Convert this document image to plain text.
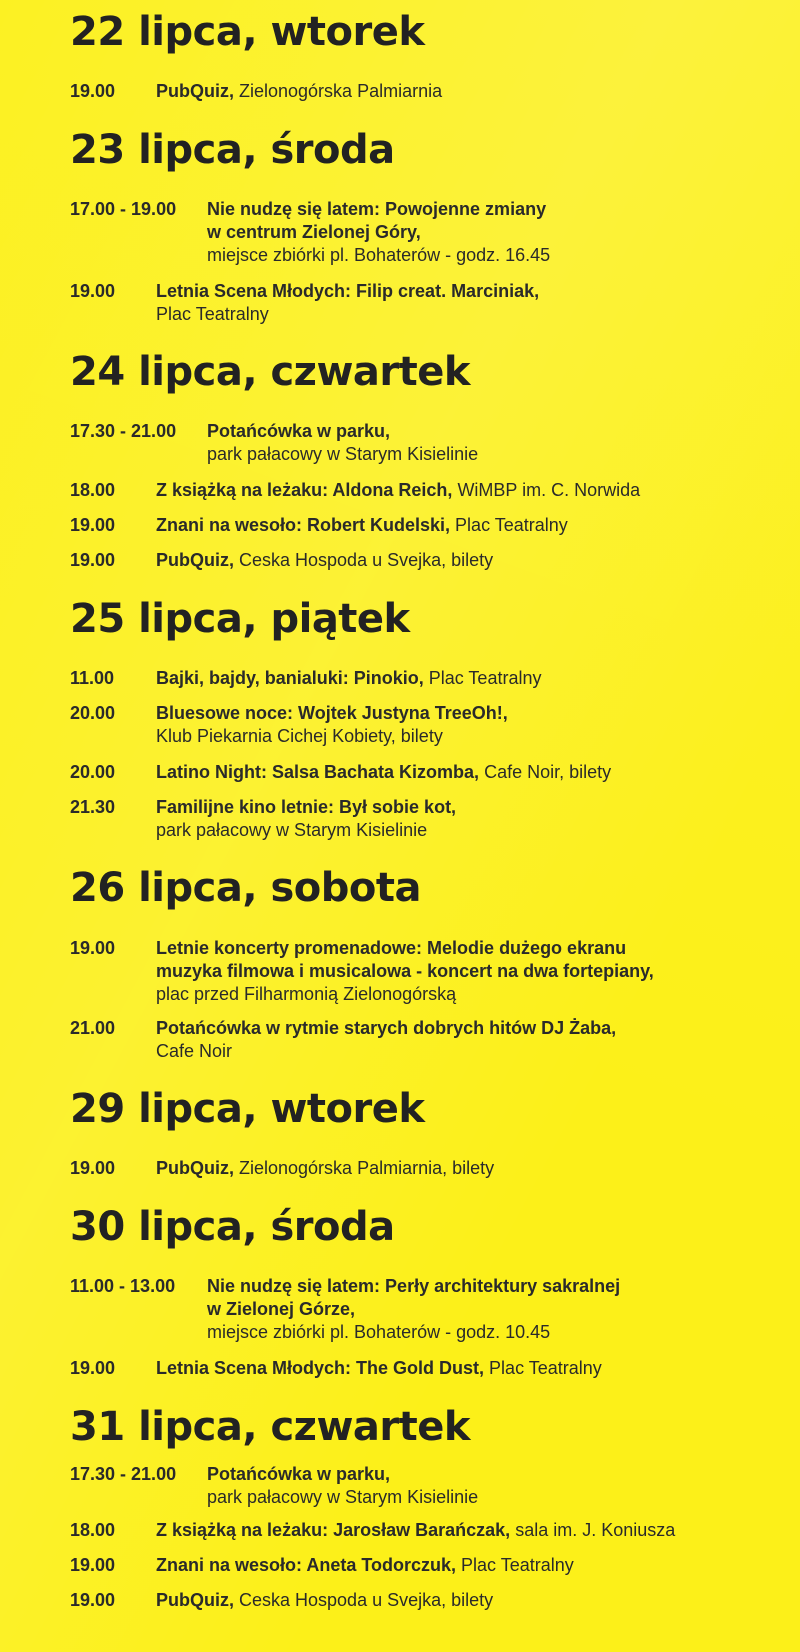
22 lipca, wtorek
19.00 PubQuiz, Zielonogórska Palmiarnia
23 lipca, środa
17.00 - 19.00 Nie nudzę się latem: Powojenne zmiany
w centrum Zielonej Góry,
miejsce zbiórki pl. Bohaterów - godz. 16.45
19.00 Letnia Scena Młodych: Filip creat. Marciniak,
Plac Teatralny
24 lipca, czwartek
17.30 - 21.00 Potańcówka w parku,
park pałacowy w Starym Kisielinie
18.00 Z książką na leżaku: Aldona Reich, WiMBP im. C. Norwida
19.00 Znani na wesoło: Robert Kudelski, Plac Teatralny
19.00 PubQuiz, Ceska Hospoda u Svejka, bilety
25 lipca, piątek
11.00 Bajki, bajdy, banialuki: Pinokio, Plac Teatralny
20.00 Bluesowe noce: Wojtek Justyna TreeOh!,
Klub Piekarnia Cichej Kobiety, bilety
20.00 Latino Night: Salsa Bachata Kizomba, Cafe Noir, bilety
21.30 Familijne kino letnie: Był sobie kot,
park pałacowy w Starym Kisielinie
26 lipca, sobota
19.00 Letnie koncerty promenadowe: Melodie dużego ekranu
muzyka filmowa i musicalowa - koncert na dwa fortepiany,
plac przed Filharmonią Zielonogórską
21.00 Potańcówka w rytmie starych dobrych hitów DJ Żaba,
Cafe Noir
29 lipca, wtorek
19.00 PubQuiz, Zielonogórska Palmiarnia, bilety
30 lipca, środa
11.00 - 13.00 Nie nudzę się latem: Perły architektury sakralnej
w Zielonej Górze,
miejsce zbiórki pl. Bohaterów - godz. 10.45
19.00 Letnia Scena Młodych: The Gold Dust, Plac Teatralny
31 lipca, czwartek
17.30 - 21.00 Potańcówka w parku,
park pałacowy w Starym Kisielinie
18.00 Z książką na leżaku: Jarosław Barańczak, sala im. J. Koniusza
19.00 Znani na wesoło: Aneta Todorczuk, Plac Teatralny
19.00 PubQuiz, Ceska Hospoda u Svejka, bilety
